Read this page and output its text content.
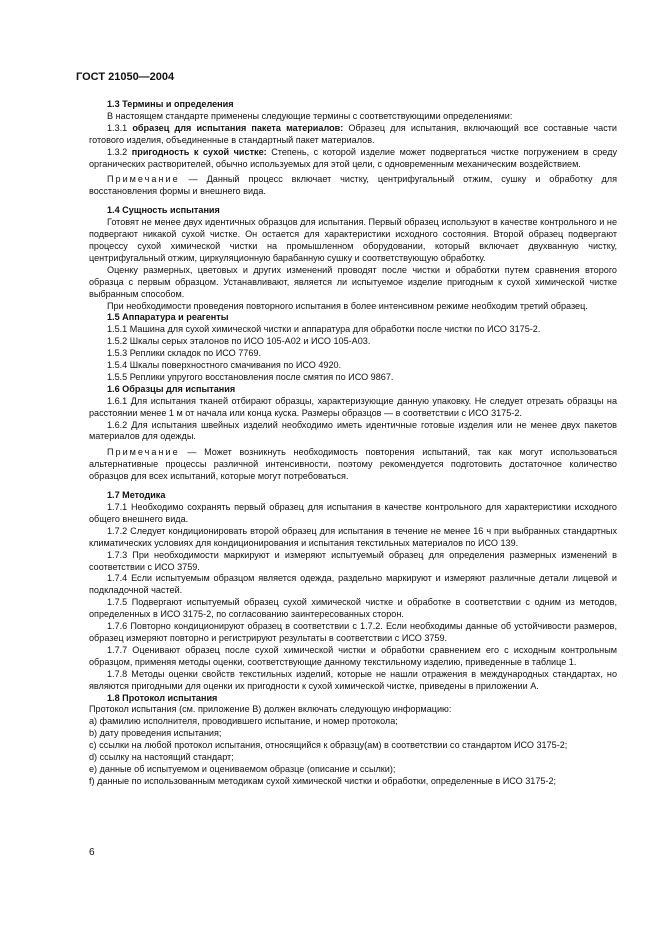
ГОСТ 21050—2004
1.3 Термины и определения
В настоящем стандарте применены следующие термины с соответствующими определениями:
1.3.1 образец для испытания пакета материалов: Образец для испытания, включающий все составные части готового изделия, объединенные в стандартный пакет материалов.
1.3.2 пригодность к сухой чистке: Степень, с которой изделие может подвергаться чистке погружением в среду органических растворителей, обычно используемых для этой цели, с одновременным механическим воздействием.
Примечание — Данный процесс включает чистку, центрифугальный отжим, сушку и обработку для восстановления формы и внешнего вида.
1.4 Сущность испытания
Готовят не менее двух идентичных образцов для испытания. Первый образец используют в качестве контрольного и не подвергают никакой сухой чистке. Он остается для характеристики исходного состояния. Второй образец подвергают процессу сухой химической чистки на промышленном оборудовании, который включает двухванную чистку, центрифугальный отжим, циркуляционную барабанную сушку и соответствующую обработку.
Оценку размерных, цветовых и других изменений проводят после чистки и обработки путем сравнения второго образца с первым образцом. Устанавливают, является ли испытуемое изделие пригодным к сухой химической чистке выбранным способом.
При необходимости проведения повторного испытания в более интенсивном режиме необходим третий образец.
1.5 Аппаратура и реагенты
1.5.1 Машина для сухой химической чистки и аппаратура для обработки после чистки по ИСО 3175-2.
1.5.2 Шкалы серых эталонов по ИСО 105-А02 и ИСО 105-А03.
1.5.3 Реплики складок по ИСО 7769.
1.5.4 Шкалы поверхностного смачивания по ИСО 4920.
1.5.5 Реплики упругого восстановления после смятия по ИСО 9867.
1.6 Образцы для испытания
1.6.1 Для испытания тканей отбирают образцы, характеризующие данную упаковку. Не следует отрезать образцы на расстоянии менее 1 м от начала или конца куска. Размеры образцов — в соответствии с ИСО 3175-2.
1.6.2 Для испытания швейных изделий необходимо иметь идентичные готовые изделия или не менее двух пакетов материалов для одежды.
Примечание — Может возникнуть необходимость повторения испытаний, так как могут использоваться альтернативные процессы различной интенсивности, поэтому рекомендуется подготовить достаточное количество образцов для всех испытаний, которые могут потребоваться.
1.7 Методика
1.7.1 Необходимо сохранять первый образец для испытания в качестве контрольного для характеристики исходного общего внешнего вида.
1.7.2 Следует кондиционировать второй образец для испытания в течение не менее 16 ч при выбранных стандартных климатических условиях для кондиционирования и испытания текстильных материалов по ИСО 139.
1.7.3 При необходимости маркируют и измеряют испытуемый образец для определения размерных изменений в соответствии с ИСО 3759.
1.7.4 Если испытуемым образцом является одежда, раздельно маркируют и измеряют различные детали лицевой и подкладочной частей.
1.7.5 Подвергают испытуемый образец сухой химической чистке и обработке в соответствии с одним из методов, определенных в ИСО 3175-2, по согласованию заинтересованных сторон.
1.7.6 Повторно кондиционируют образец в соответствии с 1.7.2. Если необходимы данные об устойчивости размеров, образец измеряют повторно и регистрируют результаты в соответствии с ИСО 3759.
1.7.7 Оценивают образец после сухой химической чистки и обработки сравнением его с исходным контрольным образцом, применяя методы оценки, соответствующие данному текстильному изделию, приведенные в таблице 1.
1.7.8 Методы оценки свойств текстильных изделий, которые не нашли отражения в международных стандартах, но являются пригодными для оценки их пригодности к сухой химической чистке, приведены в приложении А.
1.8 Протокол испытания
Протокол испытания (см. приложение В) должен включать следующую информацию:
а) фамилию исполнителя, проводившего испытание, и номер протокола;
b) дату проведения испытания;
с) ссылки на любой протокол испытания, относящийся к образцу(ам) в соответствии со стандартом ИСО 3175-2;
d) ссылку на настоящий стандарт;
е) данные об испытуемом и оцениваемом образце (описание и ссылки);
f) данные по использованным методикам сухой химической чистки и обработки, определенные в ИСО 3175-2;
6
